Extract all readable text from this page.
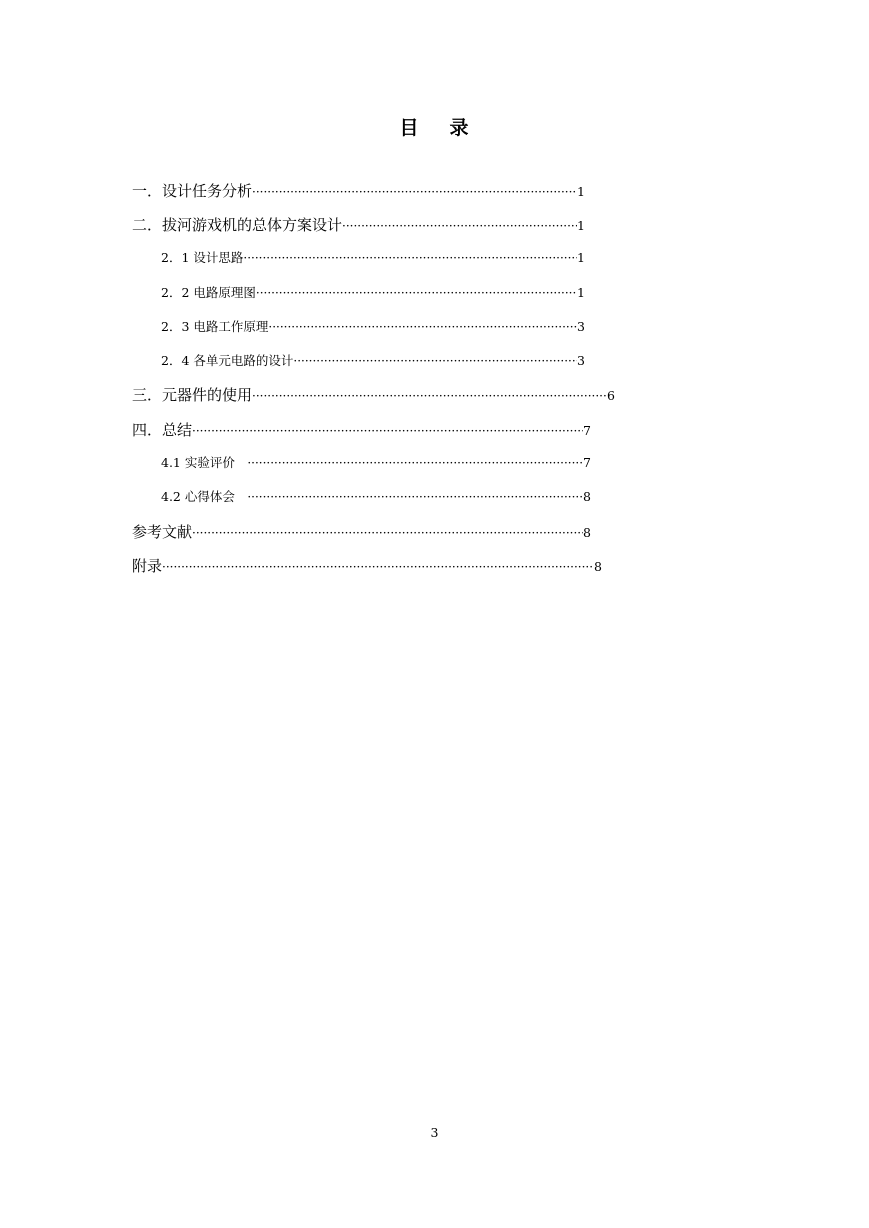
目 录
一．设计任务分析 ·····	1
二．拔河游戏机的总体方案设计 ·····	1
2．1 设计思路 ·····	1
2．2 电路原理图 ·····	1
2．3 电路工作原理 ·····	3
2．4 各单元电路的设计 ·····	3
三．元器件的使用 ·····	6
四．总结 ·····	7
4.1 实验评价　 ·····	7
4.2 心得体会　 ·····	8
参考文献 ·····	8
附录 ·····	8
3
